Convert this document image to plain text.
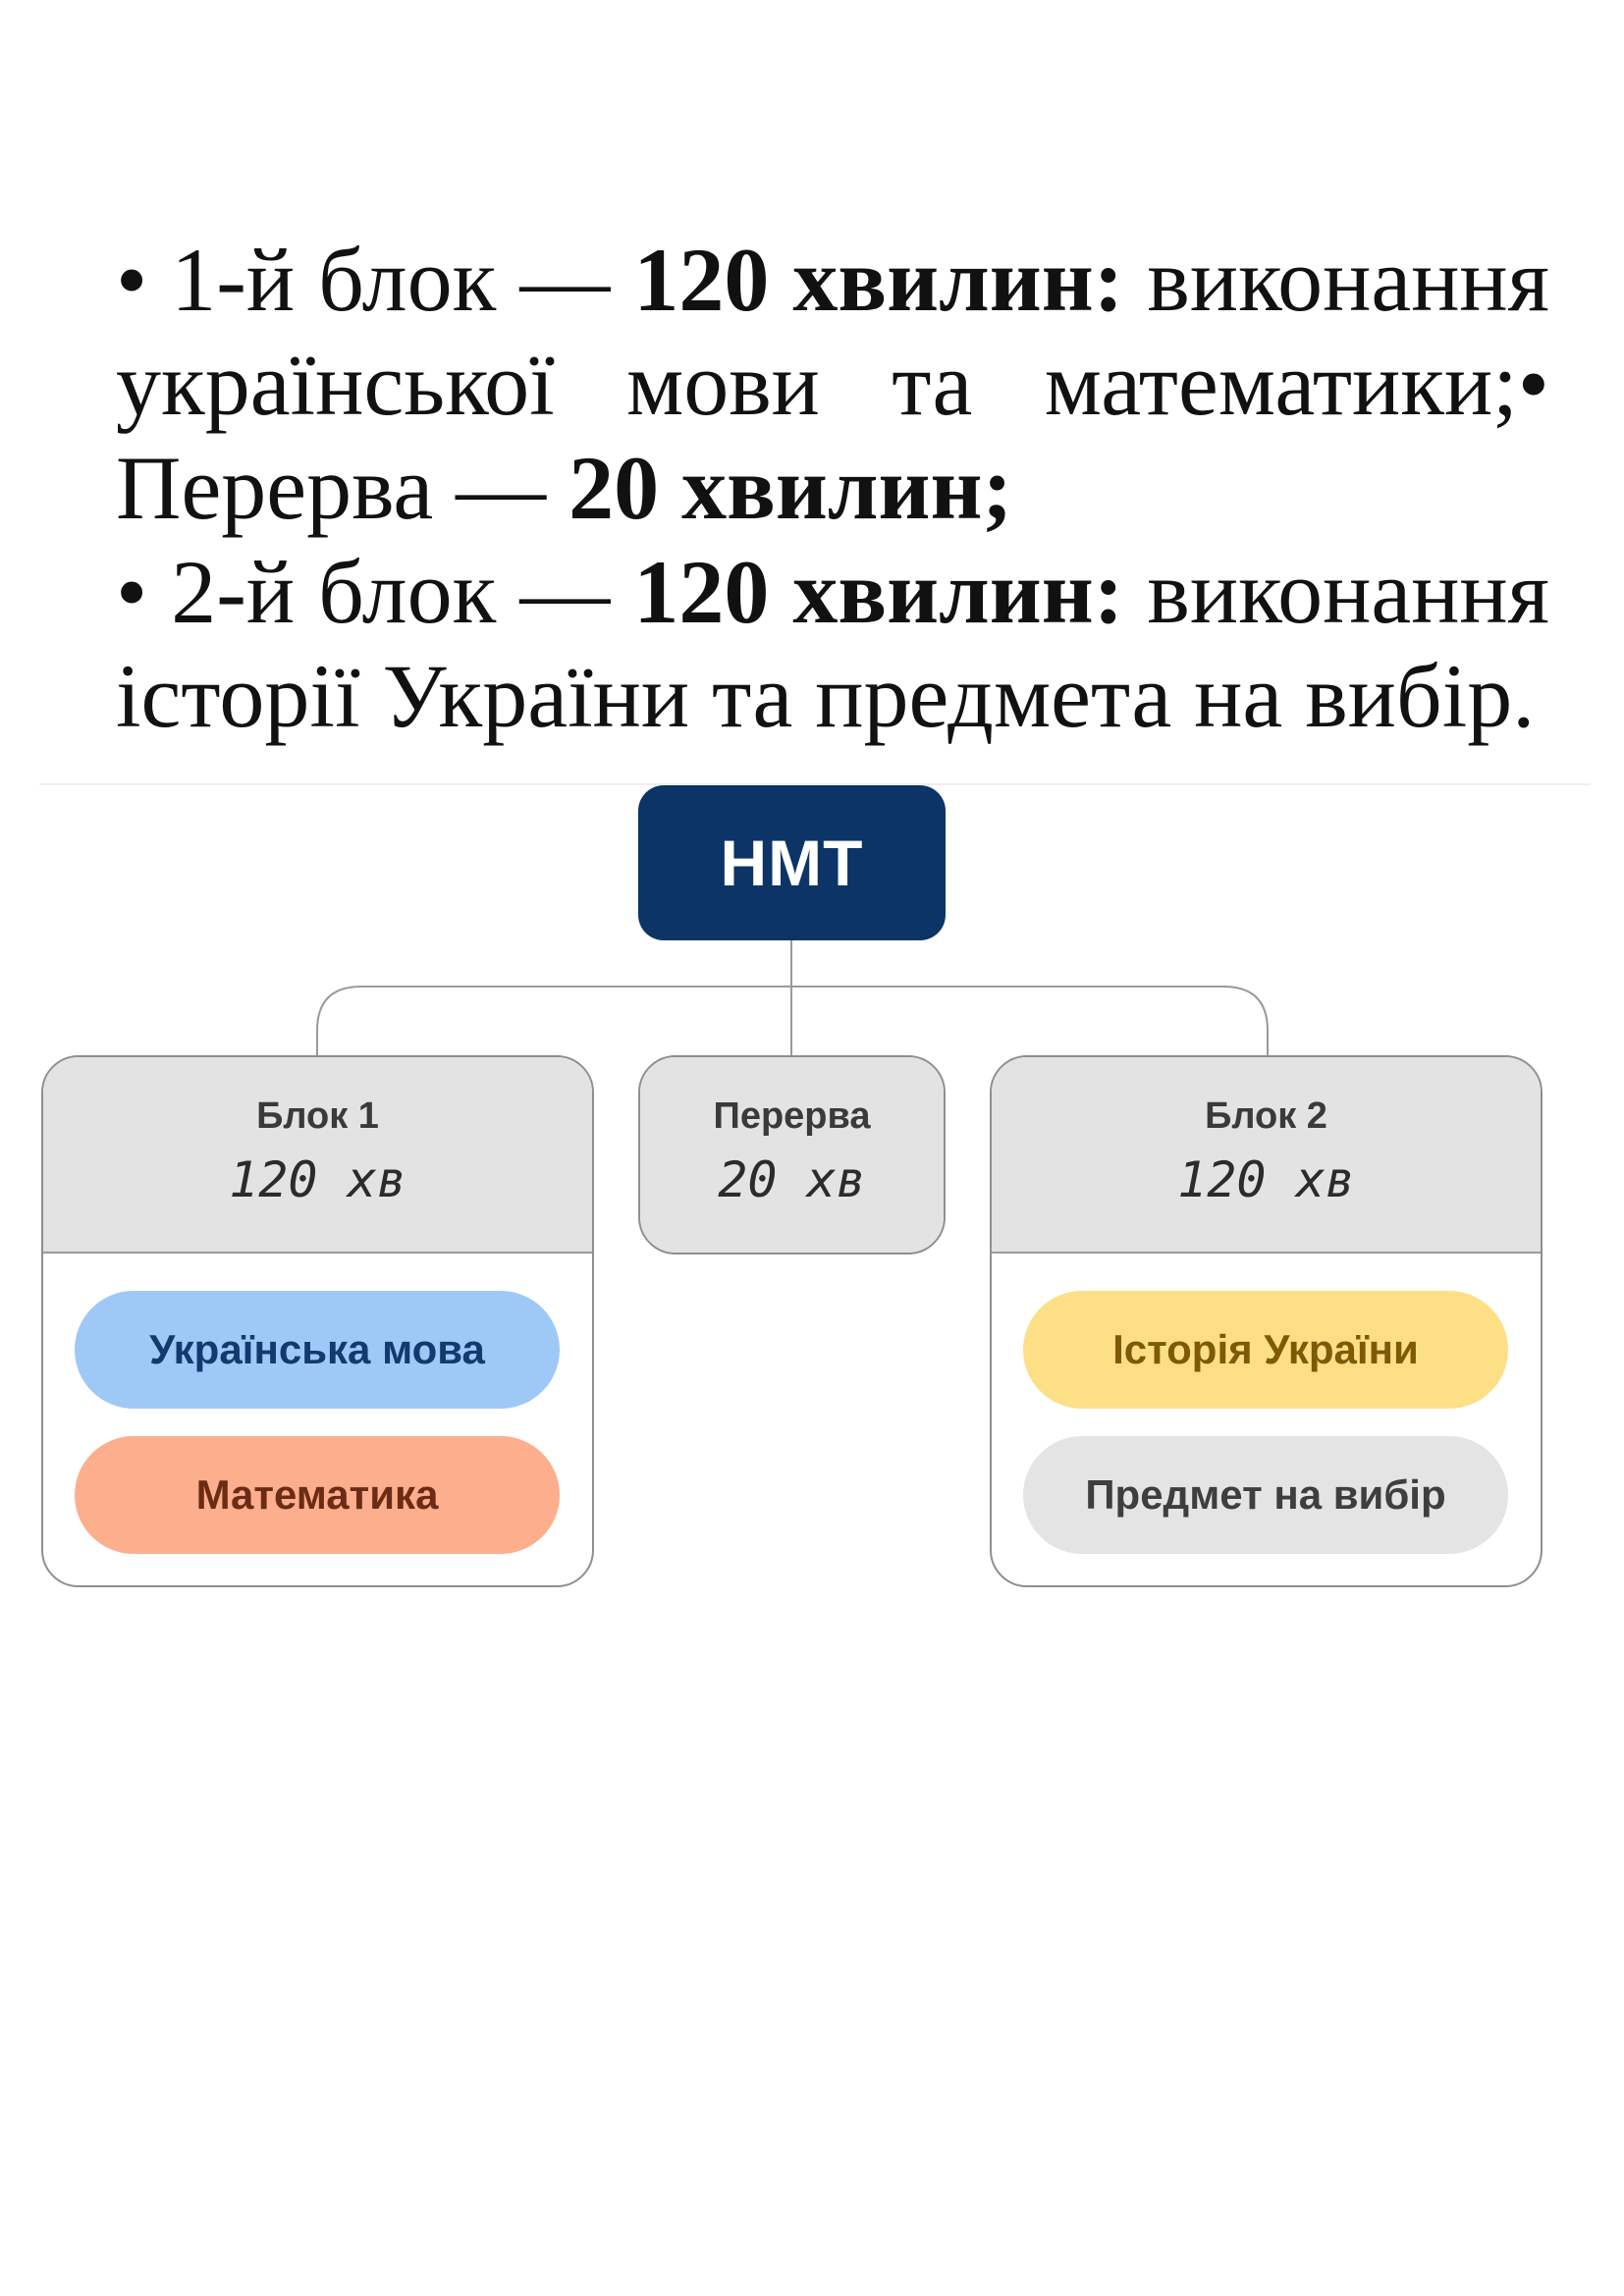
• 1-й блок — 120 хвилин: виконання української мови та математики;• Перерва — 20 хвилин;

• 2-й блок — 120 хвилин: виконання історії України та предмета на вибір.

НМТ
Блок 1
120 хв
Українська мова
Математика
Перерва
20 хв
Блок 2
120 хв
Історія України
Предмет на вибір
